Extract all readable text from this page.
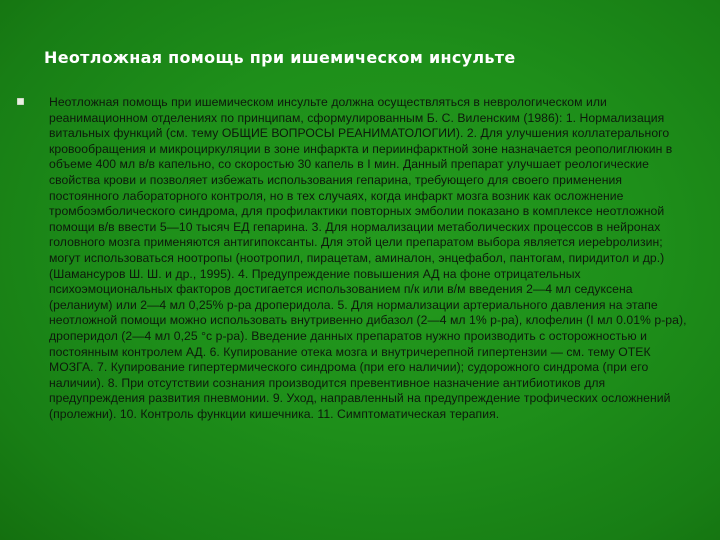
Неотложная помощь при ишемическом инсульте
Неотложная помощь при ишемическом инсульте должна осуществляться в неврологическом или реанимационном отделениях по принципам, сформулированным Б. С. Виленским (1986): 1. Нормализация витальных функций (см. тему ОБЩИЕ ВОПРОСЫ РЕАНИМАТОЛОГИИ). 2. Для улучшения коллатерального кровообращения и микроциркуляции в зоне инфаркта и периинфарктной зоне назначается реополиглюкин в объеме 400 мл в/в капельно, со скоростью 30 капель в I мин. Данный препарат улучшает реологические свойства крови и позволяет избежать использования гепарина, требующего для своего применения постоянного лабораторного контроля, но в тех случаях, когда инфаркт мозга возник как осложнение тромбоэмболического синдрома, для профилактики повторных эмболии показано в комплексе неотложной помощи в/в ввести 5—10 тысяч ЕД гепарина. 3. Для нормализации метаболических процессов в нейронах головного мозга применяются антигипоксанты. Для этой цели препаратом выбора является иерebролизин; могут использоваться ноотропы (ноотропил, пирацетам, аминалон, энцефабол, пантогам, пиридитол и др.) (Шамансуров Ш. Ш. и др., 1995). 4. Предупреждение повышения АД на фоне отрицательных психоэмоциональных факторов достигается использованием п/к или в/м введения 2—4 мл седуксена (реланиум) или 2—4 мл 0,25% р-ра дроперидола. 5. Для нормализации артериального давления на этапе неотложной помощи можно использовать внутривенно дибазол (2—4 мл 1% р-ра), клофелин (I мл 0.01% р-ра), дроперидол (2—4 мл 0,25 °с р-ра). Введение данных препаратов нужно производить с осторожностью и постоянным контролем АД. 6. Купирование отека мозга и внутричерепной гипертензии — см. тему ОТЕК МОЗГА. 7. Купирование гипертермического синдрома (при его наличии); судорожного синдрома (при его наличии). 8. При отсутствии сознания производится превентивное назначение антибиотиков для предупреждения развития пневмонии. 9. Уход, направленный на предупреждение трофических осложнений (пролежни). 10. Контроль функции кишечника. 11. Симптоматическая терапия.
